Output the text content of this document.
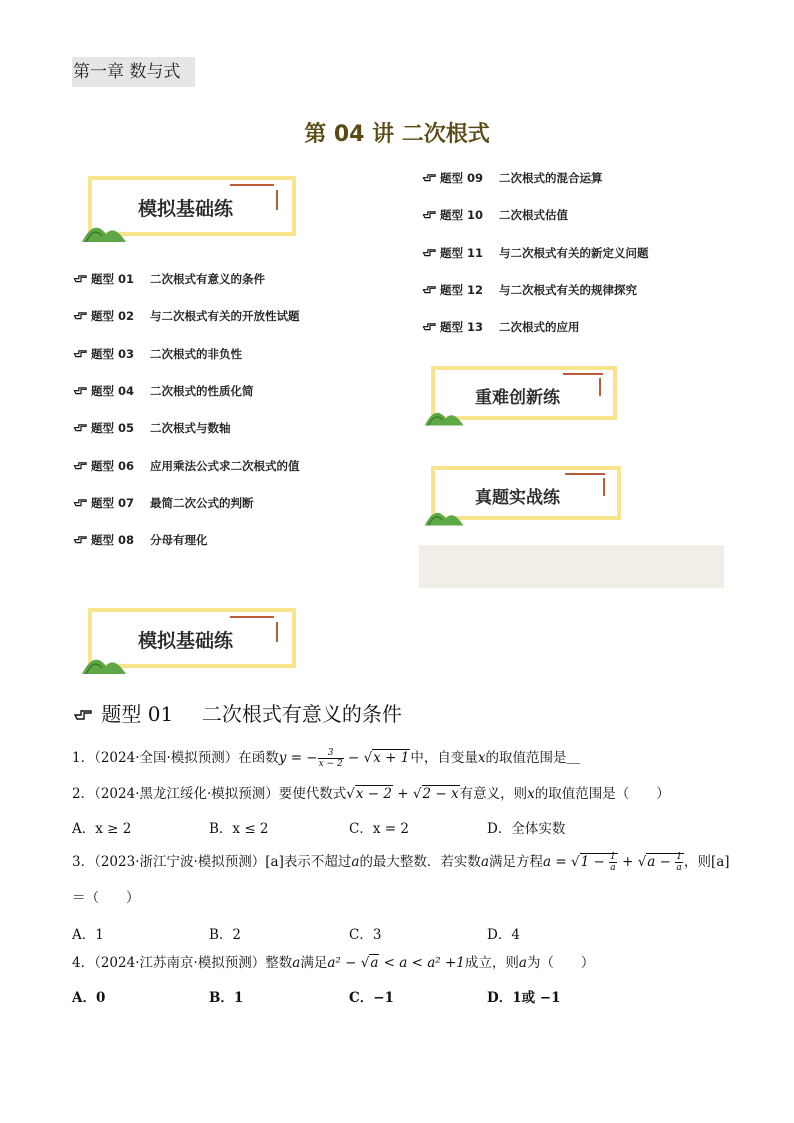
第一章 数与式
第 04 讲 二次根式
模拟基础练
题型 01 二次根式有意义的条件
题型 02 与二次根式有关的开放性试题
题型 03 二次根式的非负性
题型 04 二次根式的性质化简
题型 05 二次根式与数轴
题型 06 应用乘法公式求二次根式的值
题型 07 最简二次公式的判断
题型 08 分母有理化
题型 09 二次根式的混合运算
题型 10 二次根式估值
题型 11 与二次根式有关的新定义问题
题型 12 与二次根式有关的规律探究
题型 13 二次根式的应用
重难创新练
真题实战练
模拟基础练
题型 01 二次根式有意义的条件
1．（2024·全国·模拟预测）在函数y = − $\frac{3}{x - 2} - √x + 1$中，自变量x的取值范围是＿
2．（2024·黑龙江绥化·模拟预测）要使代数式√x − 2 + √2 − x有意义，则x的取值范围是（　　）
A．x ≥ 2	B．x ≤ 2	C．x = 2	D．全体实数
3．（2023·浙江宁波·模拟预测）[a]表示不超过a的最大整数．若实数a满足方程$a = √1 - \frac{1}{a} + √a - \frac{1}{a}$ ，则[a]
＝（　　）
A．1	B．2	C．3	D．4
4．（2024·江苏南京·模拟预测）整数a满足a² − √a < a < a² +1成立，则a为（　　）
A．0	B．1	C．−1	D．1或 −1
